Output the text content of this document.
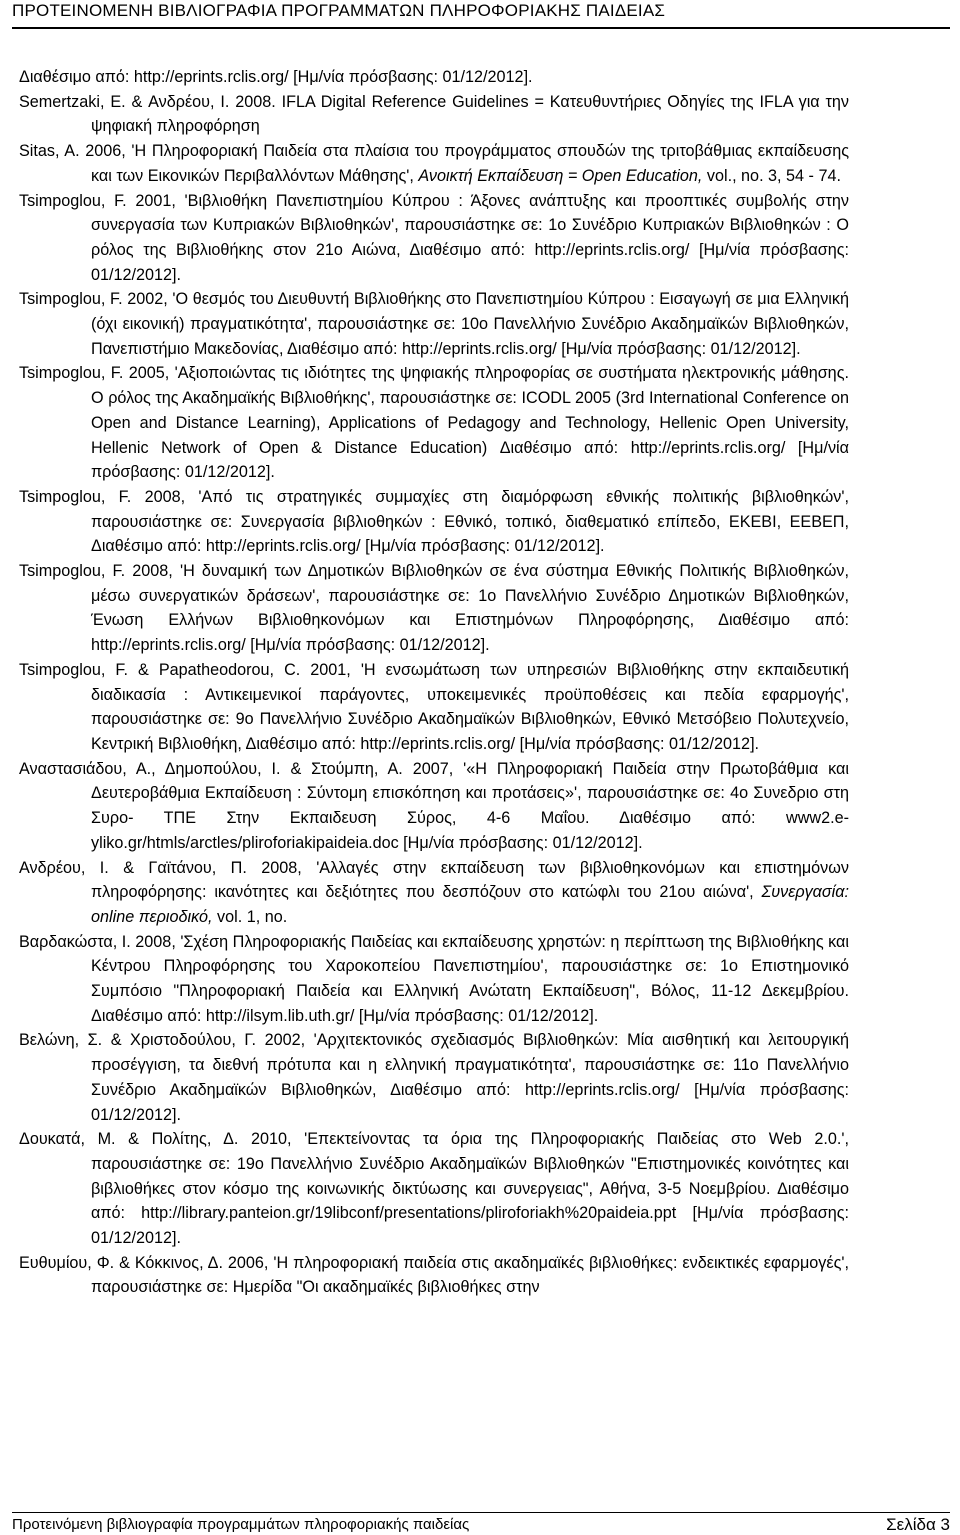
ΠΡΟΤΕΙΝΟΜΕΝΗ ΒΙΒΛΙΟΓΡΑΦΙΑ ΠΡΟΓΡΑΜΜΑΤΩΝ ΠΛΗΡΟΦΟΡΙΑΚΗΣ ΠΑΙΔΕΙΑΣ

Διαθέσιμο από: http://eprints.rclis.org/ [Ημ/νία πρόσβασης: 01/12/2012].

Semertzaki, E. & Ανδρέου, I. 2008. IFLA Digital Reference Guidelines = Κατευθυντήριες Οδηγίες της IFLA για την ψηφιακή πληροφόρηση

Sitas, A. 2006, 'Η Πληροφοριακή Παιδεία στα πλαίσια του προγράμματος σπουδών της τριτοβάθμιας εκπαίδευσης και των Εικονικών Περιβαλλόντων Μάθησης', Ανοικτή Εκπαίδευση = Open Education, vol., no. 3, 54 - 74.

Tsimpoglou, F. 2001, 'Βιβλιοθήκη Πανεπιστημίου Κύπρου : Άξονες ανάπτυξης και προοπτικές συμβολής στην συνεργασία των Κυπριακών Βιβλιοθηκών', παρουσιάστηκε σε: 1ο Συνέδριο Κυπριακών Βιβλιοθηκών : Ο ρόλος της Βιβλιοθήκης στον 21ο Αιώνα, Διαθέσιμο από: http://eprints.rclis.org/ [Ημ/νία πρόσβασης: 01/12/2012].

Tsimpoglou, F. 2002, 'Ο θεσμός του Διευθυντή Βιβλιοθήκης στο Πανεπιστημίου Κύπρου : Εισαγωγή σε μια Ελληνική (όχι εικονική) πραγματικότητα', παρουσιάστηκε σε: 10ο Πανελλήνιο Συνέδριο Ακαδημαϊκών Βιβλιοθηκών, Πανεπιστήμιο Μακεδονίας, Διαθέσιμο από: http://eprints.rclis.org/ [Ημ/νία πρόσβασης: 01/12/2012].

Tsimpoglou, F. 2005, 'Αξιοποιώντας τις ιδιότητες της ψηφιακής πληροφορίας σε συστήματα ηλεκτρονικής μάθησης. Ο ρόλος της Ακαδημαϊκής Βιβλιοθήκης', παρουσιάστηκε σε: ICODL 2005 (3rd International Conference on Open and Distance Learning), Applications of Pedagogy and Technology, Hellenic Open University, Hellenic Network of Open & Distance Education) Διαθέσιμο από: http://eprints.rclis.org/ [Ημ/νία πρόσβασης: 01/12/2012].

Tsimpoglou, F. 2008, 'Από τις στρατηγικές συμμαχίες στη διαμόρφωση εθνικής πολιτικής βιβλιοθηκών', παρουσιάστηκε σε: Συνεργασία βιβλιοθηκών : Εθνικό, τοπικό, διαθεματικό επίπεδο, ΕΚΕΒΙ, ΕΕΒΕΠ, Διαθέσιμο από: http://eprints.rclis.org/ [Ημ/νία πρόσβασης: 01/12/2012].

Tsimpoglou, F. 2008, 'Η δυναμική των Δημοτικών Βιβλιοθηκών σε ένα σύστημα Εθνικής Πολιτικής Βιβλιοθηκών, μέσω συνεργατικών δράσεων', παρουσιάστηκε σε: 1ο Πανελλήνιο Συνέδριο Δημοτικών Βιβλιοθηκών, Ένωση Ελλήνων Βιβλιοθηκονόμων και Επιστημόνων Πληροφόρησης, Διαθέσιμο από: http://eprints.rclis.org/ [Ημ/νία πρόσβασης: 01/12/2012].

Tsimpoglou, F. & Papatheodorou, C. 2001, 'Η ενσωμάτωση των υπηρεσιών Βιβλιοθήκης στην εκπαιδευτική διαδικασία : Αντικειμενικοί παράγοντες, υποκειμενικές προϋποθέσεις και πεδία εφαρμογής', παρουσιάστηκε σε: 9ο Πανελλήνιο Συνέδριο Ακαδημαϊκών Βιβλιοθηκών, Εθνικό Μετσόβειο Πολυτεχνείο, Κεντρική Βιβλιοθήκη, Διαθέσιμο από: http://eprints.rclis.org/ [Ημ/νία πρόσβασης: 01/12/2012].

Αναστασιάδου, Α., Δημοπούλου, Ι. & Στούμπη, Α. 2007, '«Η Πληροφοριακή Παιδεία στην Πρωτοβάθμια και Δευτεροβάθμια Εκπαίδευση : Σύντομη επισκόπηση και προτάσεις»', παρουσιάστηκε σε: 4ο Συνεδριο στη Συρο- ΤΠΕ Στην Εκπαιδευση Σύρος, 4-6 Μαΐου. Διαθέσιμο από: www2.e-yliko.gr/htmls/arctles/pliroforiakipaideia.doc [Ημ/νία πρόσβασης: 01/12/2012].

Ανδρέου, Ι. & Γαϊτάνου, Π. 2008, 'Αλλαγές στην εκπαίδευση των βιβλιοθηκονόμων και επιστημόνων πληροφόρησης: ικανότητες και δεξιότητες που δεσπόζουν στο κατώφλι του 21ου αιώνα', Συνεργασία: online περιοδικό, vol. 1, no.

Βαρδακώστα, Ι. 2008, 'Σχέση Πληροφοριακής Παιδείας και εκπαίδευσης χρηστών: η περίπτωση της Βιβλιοθήκης και Κέντρου Πληροφόρησης του Χαροκοπείου Πανεπιστημίου', παρουσιάστηκε σε: 1ο Επιστημονικό Συμπόσιο "Πληροφοριακή Παιδεία και Ελληνική Ανώτατη Εκπαίδευση", Βόλος, 11-12 Δεκεμβρίου. Διαθέσιμο από: http://ilsym.lib.uth.gr/ [Ημ/νία πρόσβασης: 01/12/2012].

Βελώνη, Σ. & Χριστοδούλου, Γ. 2002, 'Αρχιτεκτονικός σχεδιασμός Βιβλιοθηκών: Μία αισθητική και λειτουργική προσέγγιση, τα διεθνή πρότυπα και η ελληνική πραγματικότητα', παρουσιάστηκε σε: 11ο Πανελλήνιο Συνέδριο Ακαδημαϊκών Βιβλιοθηκών, Διαθέσιμο από: http://eprints.rclis.org/ [Ημ/νία πρόσβασης: 01/12/2012].

Δουκατά, Μ. & Πολίτης, Δ. 2010, 'Επεκτείνοντας τα όρια της Πληροφοριακής Παιδείας στο Web 2.0.', παρουσιάστηκε σε: 19ο Πανελλήνιο Συνέδριο Ακαδημαϊκών Βιβλιοθηκών "Επιστημονικές κοινότητες και βιβλιοθήκες στον κόσμο της κοινωνικής δικτύωσης και συνεργειας", Αθήνα, 3-5 Νοεμβρίου. Διαθέσιμο από: http://library.panteion.gr/19libconf/presentations/pliroforiakh%20paideia.ppt [Ημ/νία πρόσβασης: 01/12/2012].

Ευθυμίου, Φ. & Κόκκινος, Δ. 2006, 'Η πληροφοριακή παιδεία στις ακαδημαϊκές βιβλιοθήκες: ενδεικτικές εφαρμογές', παρουσιάστηκε σε: Ημερίδα "Οι ακαδημαϊκές βιβλιοθήκες στην

Προτεινόμενη βιβλιογραφία προγραμμάτων πληροφοριακής παιδείας	Σελίδα 3
